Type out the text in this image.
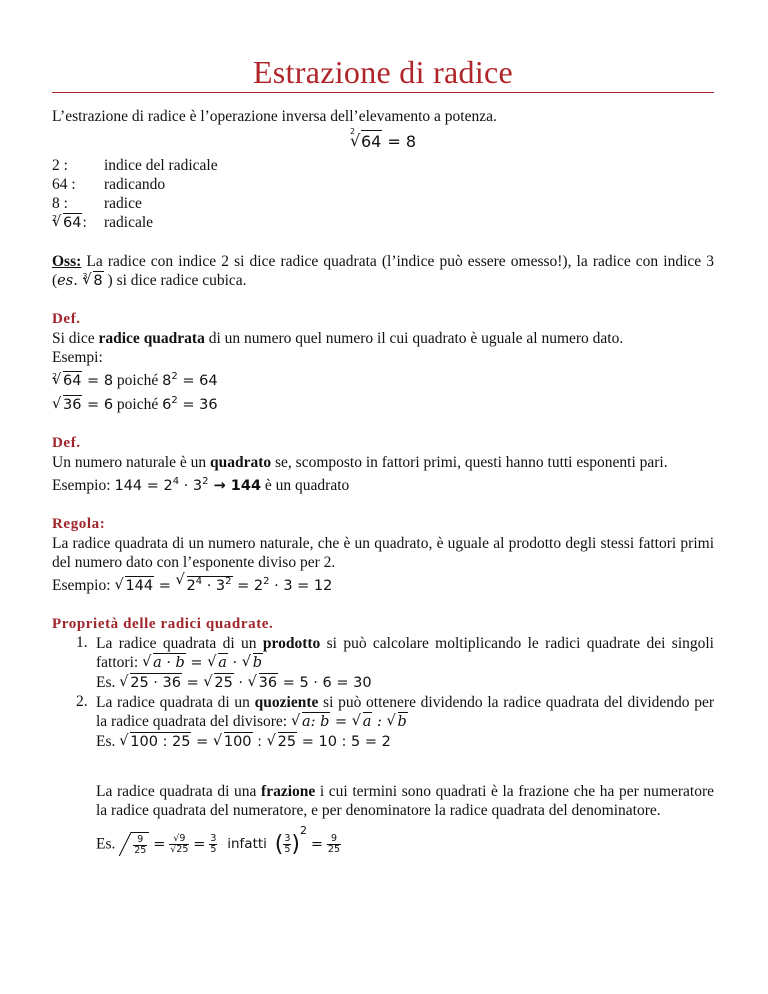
Estrazione di radice

L’estrazione di radice è l’operazione inversa dell’elevamento a potenza.

√ 2
64 = 8
2 : indice del radicale
64 : radicando
8 : radice
√ 2 64: radicale

Oss: La radice con indice 2 si dice radice quadrata (l’indice può essere omesso!), la radice con indice 3 (es.
√ 3 8 ) si dice radice cubica.

Def.

Si dice radice quadrata di un numero quel numero il cui quadrato è uguale al numero dato.

Esempi:

√ 2 64 = 8 poiché $8^2 = 64$

√ 36 = 6 poiché $6^2 = 36$

Def.

Un numero naturale è un quadrato se, scomposto in fattori primi, questi hanno tutti esponenti pari.

Esempio: $144 = 2^4 \cdot 3^2 \to 144$ è un quadrato

Regola:

La radice quadrata di un numero naturale, che è un quadrato, è uguale al prodotto degli stessi fattori primi del numero dato con l’esponente diviso per 2.

Esempio: √ 144 = √ $2^4 \cdot 3^2 = 2^2 \cdot 3 = 12$

Proprietà delle radici quadrate.
1. La radice quadrata di un prodotto si può calcolare moltiplicando le radici quadrate dei singoli fattori: √ a · b = √ a · √ b

Es. √ 25 · 36 = √ 25 · √ 36 = 5 · 6 = 30

2. La radice quadrata di un quoziente si può ottenere dividendo la radice quadrata del dividendo per la radice quadrata del divisore: √ a: b = √ a : √ b

Es. √ 100 : 25 = √ 100 : √ 25 = 10 : 5 = 2

La radice quadrata di una frazione i cui termini sono quadrati è la frazione che ha per numeratore la radice quadrata del numeratore, e per denominatore la radice quadrata del denominatore.

Es. $\frac{9}{25} = \frac{√9}{√25} = \frac{3}{5}$ infatti ( $\frac{3}{5} )^2 = \frac{9}{25}$
